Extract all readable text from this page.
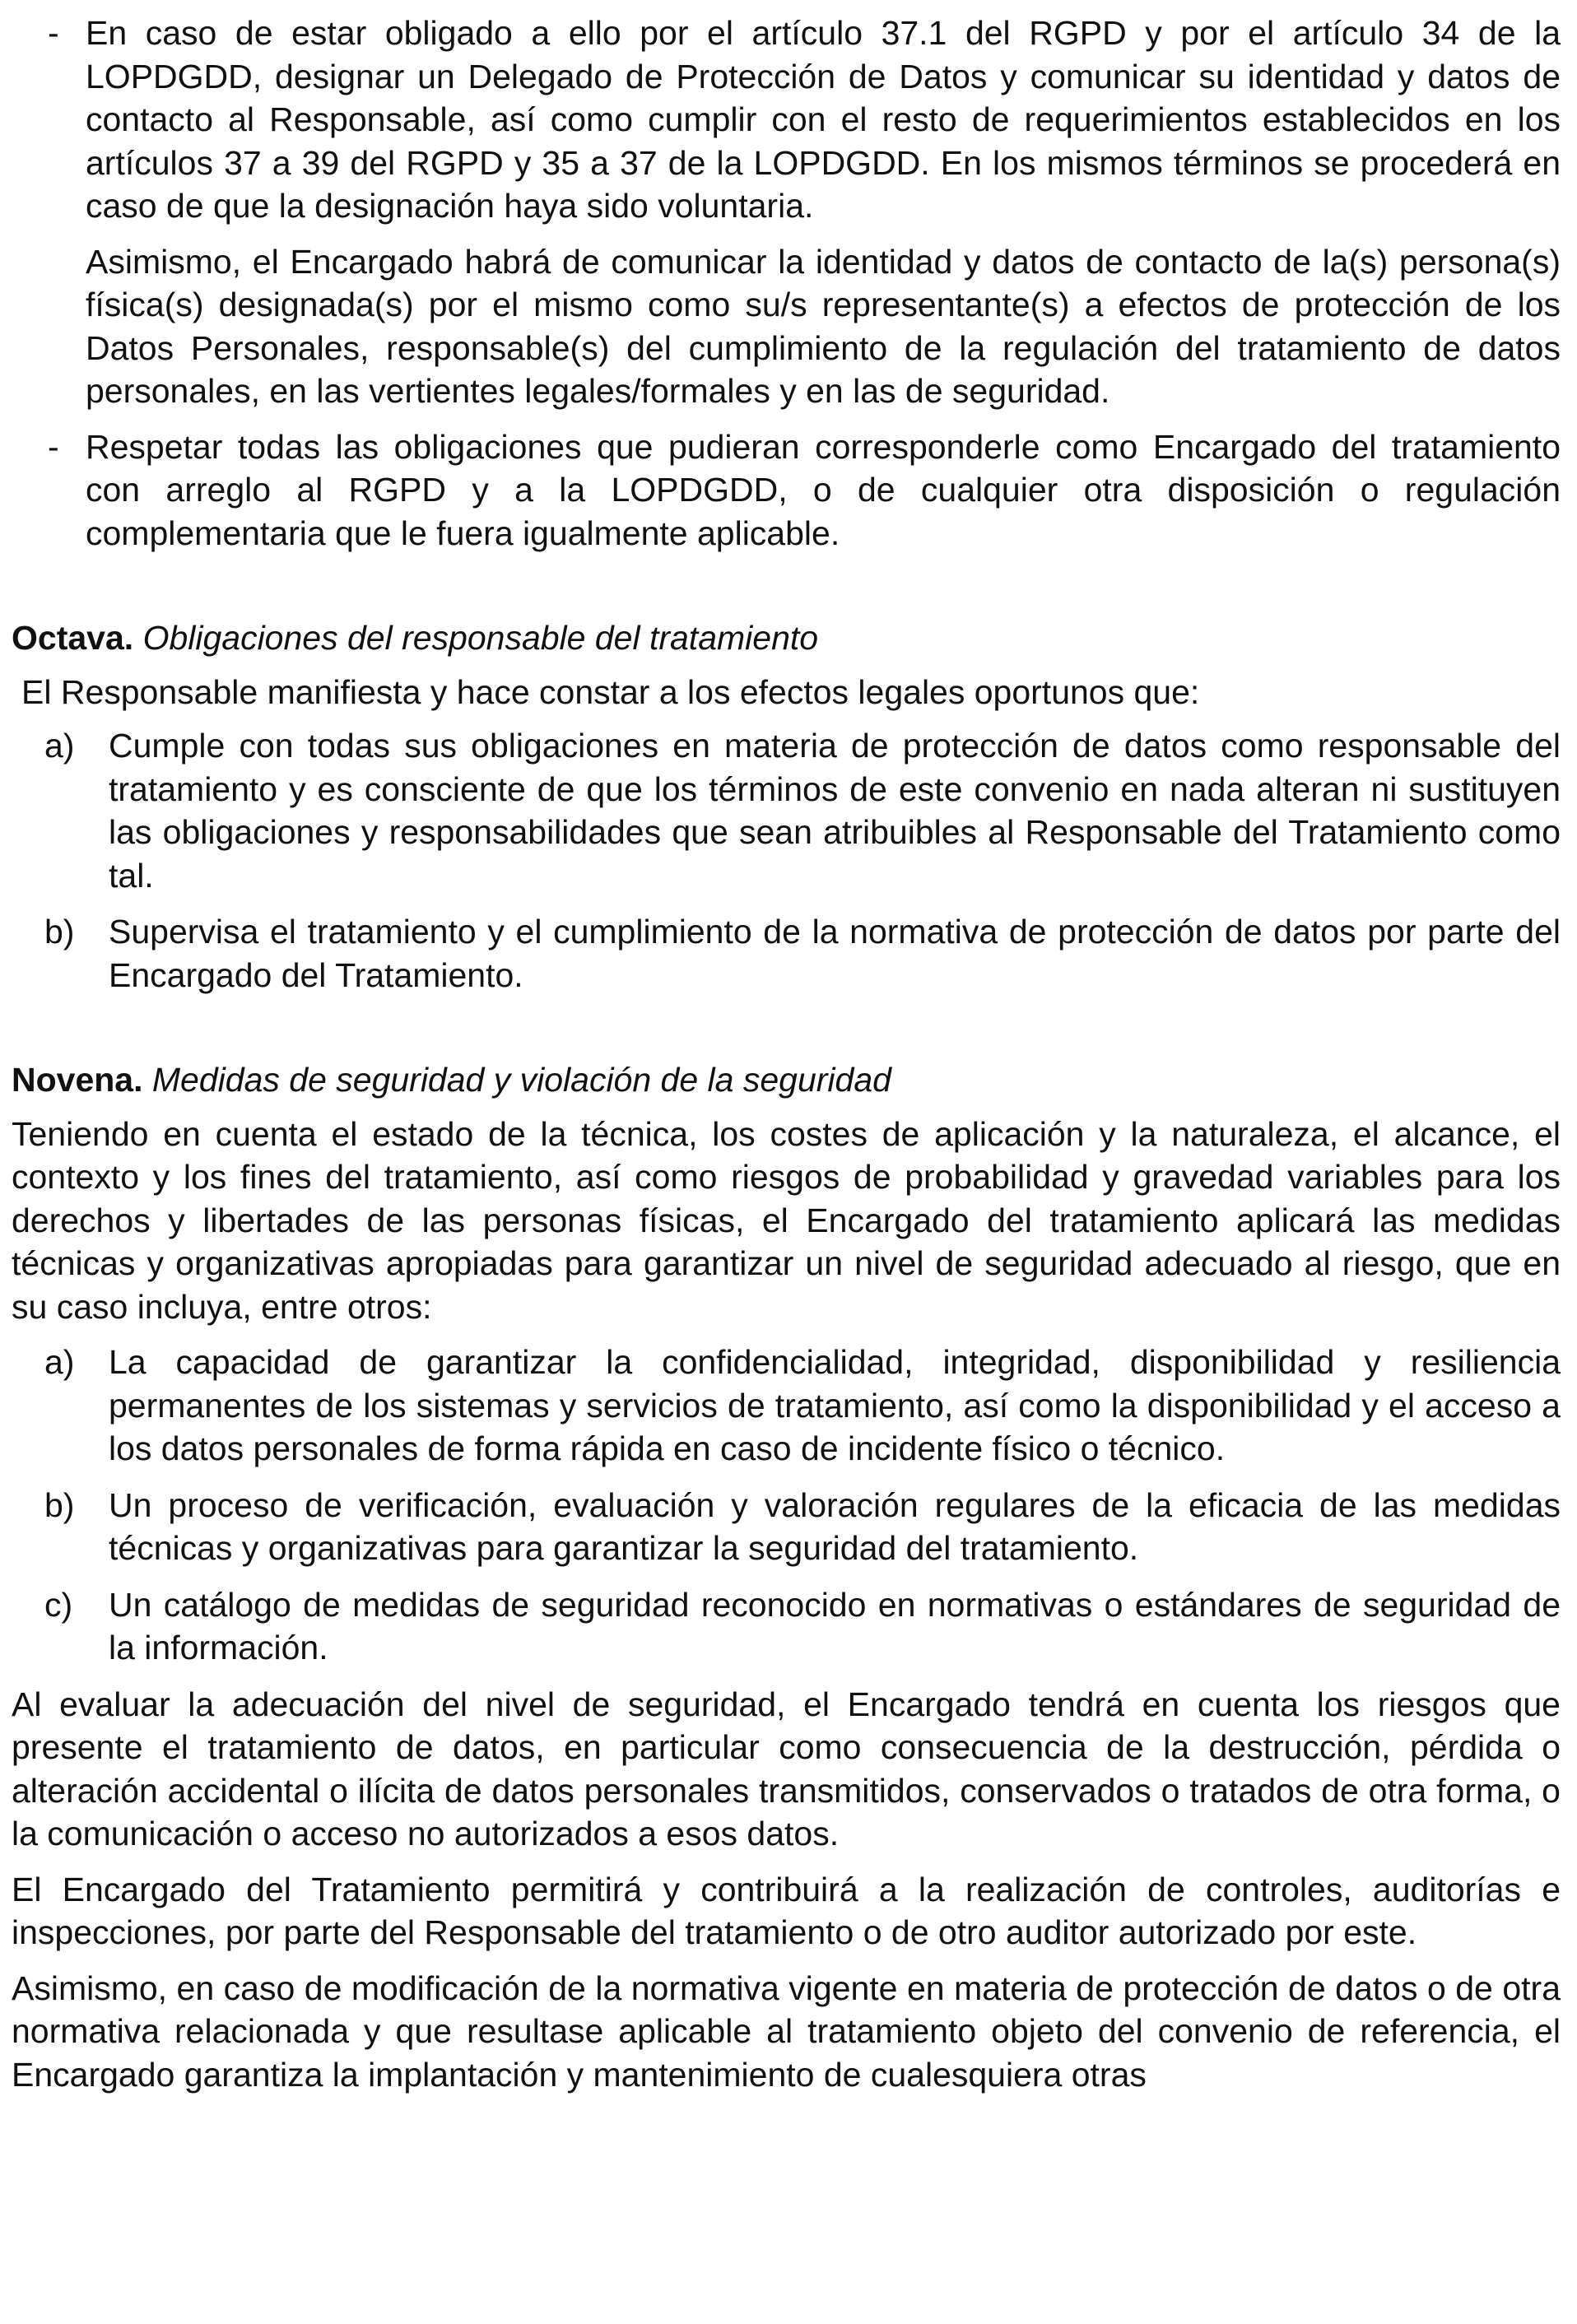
- En caso de estar obligado a ello por el artículo 37.1 del RGPD y por el artículo 34 de la LOPDGDD, designar un Delegado de Protección de Datos y comunicar su identidad y datos de contacto al Responsable, así como cumplir con el resto de requerimientos establecidos en los artículos 37 a 39 del RGPD y 35 a 37 de la LOPDGDD. En los mismos términos se procederá en caso de que la designación haya sido voluntaria.

Asimismo, el Encargado habrá de comunicar la identidad y datos de contacto de la(s) persona(s) física(s) designada(s) por el mismo como su/s representante(s) a efectos de protección de los Datos Personales, responsable(s) del cumplimiento de la regulación del tratamiento de datos personales, en las vertientes legales/formales y en las de seguridad.

- Respetar todas las obligaciones que pudieran corresponderle como Encargado del tratamiento con arreglo al RGPD y a la LOPDGDD, o de cualquier otra disposición o regulación complementaria que le fuera igualmente aplicable.

Octava. Obligaciones del responsable del tratamiento

El Responsable manifiesta y hace constar a los efectos legales oportunos que:

a) Cumple con todas sus obligaciones en materia de protección de datos como responsable del tratamiento y es consciente de que los términos de este convenio en nada alteran ni sustituyen las obligaciones y responsabilidades que sean atribuibles al Responsable del Tratamiento como tal.

b) Supervisa el tratamiento y el cumplimiento de la normativa de protección de datos por parte del Encargado del Tratamiento.

Novena. Medidas de seguridad y violación de la seguridad

Teniendo en cuenta el estado de la técnica, los costes de aplicación y la naturaleza, el alcance, el contexto y los fines del tratamiento, así como riesgos de probabilidad y gravedad variables para los derechos y libertades de las personas físicas, el Encargado del tratamiento aplicará las medidas técnicas y organizativas apropiadas para garantizar un nivel de seguridad adecuado al riesgo, que en su caso incluya, entre otros:

a) La capacidad de garantizar la confidencialidad, integridad, disponibilidad y resiliencia permanentes de los sistemas y servicios de tratamiento, así como la disponibilidad y el acceso a los datos personales de forma rápida en caso de incidente físico o técnico.

b) Un proceso de verificación, evaluación y valoración regulares de la eficacia de las medidas técnicas y organizativas para garantizar la seguridad del tratamiento.

c) Un catálogo de medidas de seguridad reconocido en normativas o estándares de seguridad de la información.

Al evaluar la adecuación del nivel de seguridad, el Encargado tendrá en cuenta los riesgos que presente el tratamiento de datos, en particular como consecuencia de la destrucción, pérdida o alteración accidental o ilícita de datos personales transmitidos, conservados o tratados de otra forma, o la comunicación o acceso no autorizados a esos datos.

El Encargado del Tratamiento permitirá y contribuirá a la realización de controles, auditorías e inspecciones, por parte del Responsable del tratamiento o de otro auditor autorizado por este.

Asimismo, en caso de modificación de la normativa vigente en materia de protección de datos o de otra normativa relacionada y que resultase aplicable al tratamiento objeto del convenio de referencia, el Encargado garantiza la implantación y mantenimiento de cualesquiera otras
